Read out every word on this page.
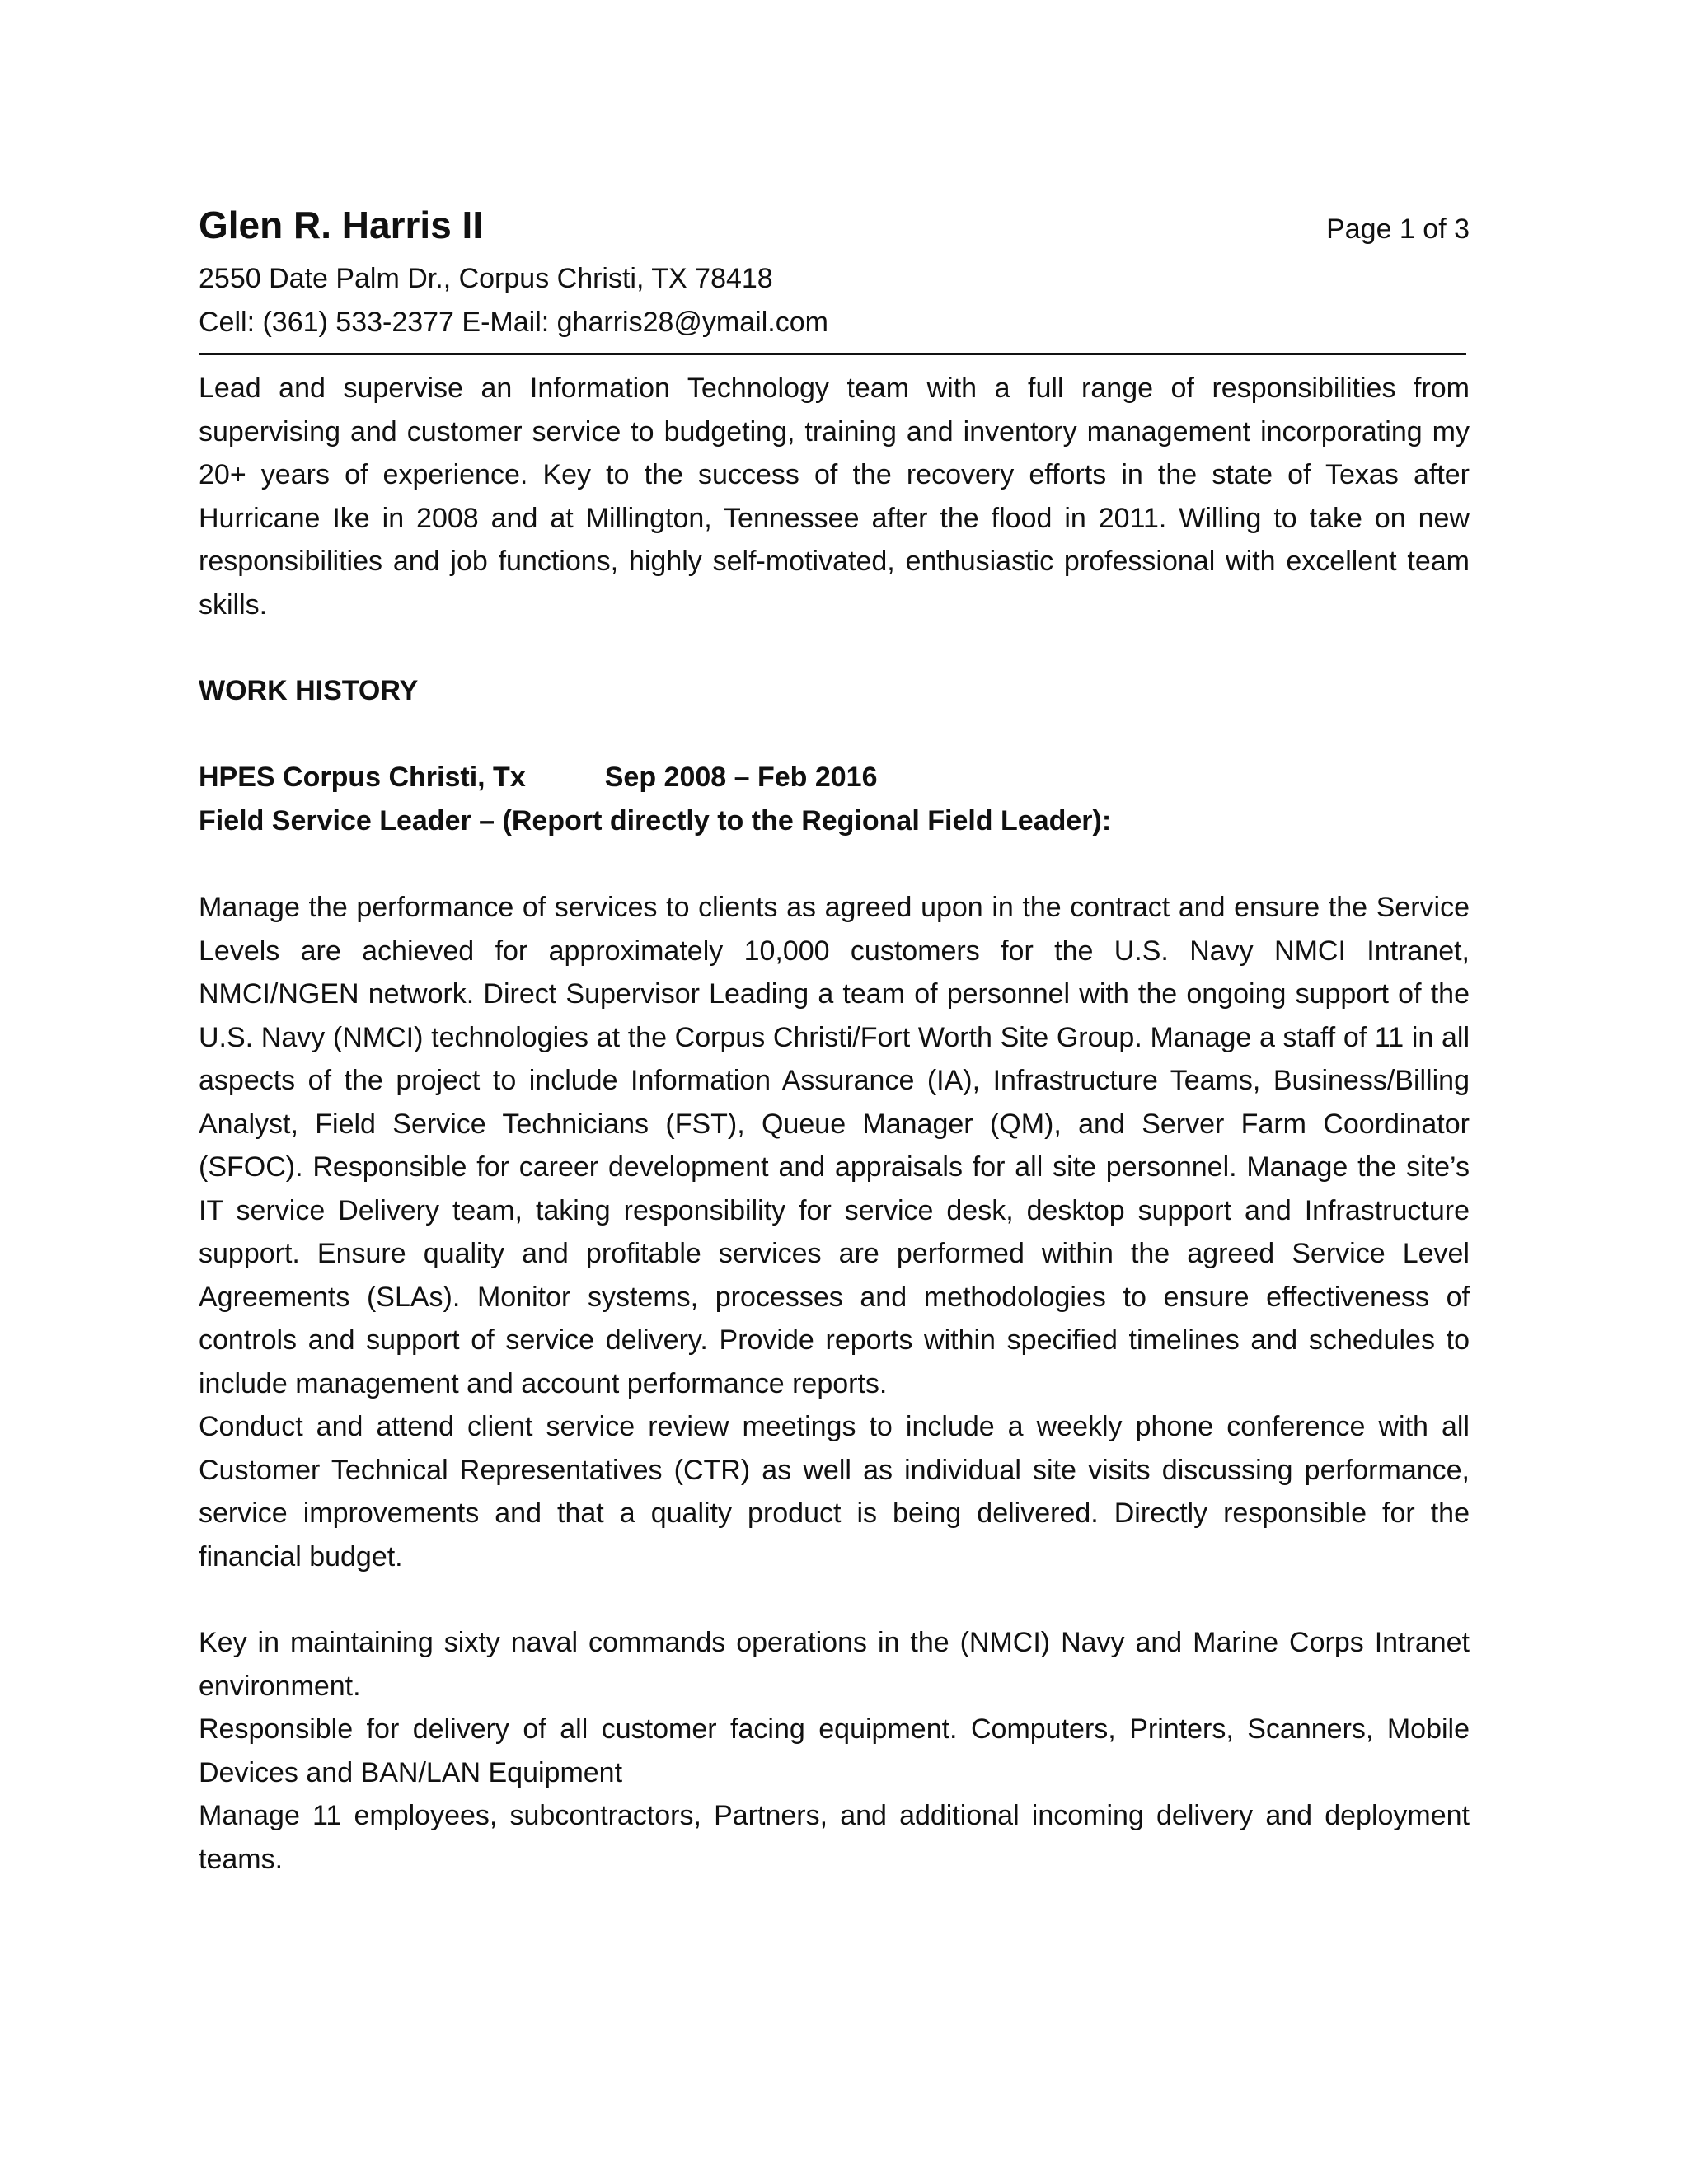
Glen R. Harris II	Page 1 of 3
2550 Date Palm Dr., Corpus Christi, TX 78418
Cell: (361) 533-2377 E-Mail: gharris28@ymail.com

Lead and supervise an Information Technology team with a full range of responsibilities from supervising and customer service to budgeting, training and inventory management incorporating my 20+ years of experience. Key to the success of the recovery efforts in the state of Texas after Hurricane Ike in 2008 and at Millington, Tennessee after the flood in 2011. Willing to take on new responsibilities and job functions, highly self-motivated, enthusiastic professional with excellent team skills.

WORK HISTORY
HPES Corpus Christi, Tx	Sep 2008 – Feb 2016
Field Service Leader – (Report directly to the Regional Field Leader):

Manage the performance of services to clients as agreed upon in the contract and ensure the Service Levels are achieved for approximately 10,000 customers for the U.S. Navy NMCI Intranet, NMCI/NGEN network. Direct Supervisor Leading a team of personnel with the ongoing support of the U.S. Navy (NMCI) technologies at the Corpus Christi/Fort Worth Site Group. Manage a staff of 11 in all aspects of the project to include Information Assurance (IA), Infrastructure Teams, Business/Billing Analyst, Field Service Technicians (FST), Queue Manager (QM), and Server Farm Coordinator (SFOC). Responsible for career development and appraisals for all site personnel. Manage the site’s IT service Delivery team, taking responsibility for service desk, desktop support and Infrastructure support. Ensure quality and profitable services are performed within the agreed Service Level Agreements (SLAs). Monitor systems, processes and methodologies to ensure effectiveness of controls and support of service delivery. Provide reports within specified timelines and schedules to include management and account performance reports.

Conduct and attend client service review meetings to include a weekly phone conference with all Customer Technical Representatives (CTR) as well as individual site visits discussing performance, service improvements and that a quality product is being delivered. Directly responsible for the financial budget.

Key in maintaining sixty naval commands operations in the (NMCI) Navy and Marine Corps Intranet environment.

Responsible for delivery of all customer facing equipment. Computers, Printers, Scanners, Mobile Devices and BAN/LAN Equipment

Manage 11 employees, subcontractors, Partners, and additional incoming delivery and deployment teams.
